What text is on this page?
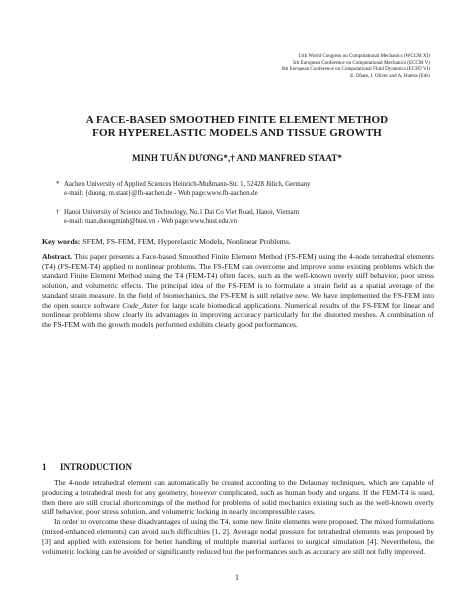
11th World Congress on Computational Mechanics (WCCM XI)
5th European Conference on Computational Mechanics (ECCM V)
6th European Conference on Computational Fluid Dynamics (ECFD VI)
E. Oñate, J. Oliver and A. Huerta (Eds)
A FACE-BASED SMOOTHED FINITE ELEMENT METHOD
FOR HYPERELASTIC MODELS AND TISSUE GROWTH
MINH TUẤN DƯƠNG*,† AND MANFRED STAAT*
* Aachen University of Applied Sciences Heinrich-Mußmann-Str. 1, 52428 Jülich, Germany
e-mail: {duong, m.staat}@fh-aachen.de - Web page:www.fh-aachen.de
† Hanoi University of Science and Technology, No.1 Dai Co Viet Road, Hanoi, Vietnam
e-mail: tuan.duongminh@hust.vn - Web page:www.hust.edu.vn
Key words: SFEM, FS-FEM, FEM, Hyperelastic Models, Nonlinear Problems.
Abstract. This paper presents a Face-based Smoothed Finite Element Method (FS-FEM) using the 4-node tetrahedral elements (T4) (FS-FEM-T4) applied to nonlinear problems. The FS-FEM can overcome and improve some existing problems which the standard Finite Element Method using the T4 (FEM-T4) often faces, such as the well-known overly stiff behavior, poor stress solution, and volumetric effects. The principal idea of the FS-FEM is to formulate a strain field as a spatial average of the standard strain measure. In the field of biomechanics, the FS-FEM is still relative new. We have implemented the FS-FEM into the open source software Code_Aster for large scale biomedical applications. Numerical results of the FS-FEM for linear and nonlinear problems show clearly its advantages in improving accuracy particularly for the distorted meshes. A combination of the FS-FEM with the growth models performed exhibits clearly good performances.
1 INTRODUCTION

The 4-node tetrahedral element can automatically be created according to the Delaunay techniques, which are capable of producing a tetrahedral mesh for any geometry, however complicated, such as human body and organs. If the FEM-T4 is used, then there are still crucial shortcomings of the method for problems of solid mechanics existing such as the well-known overly stiff behavior, poor stress solution, and volumetric locking in nearly incompressible cases.

In order to overcome these disadvantages of using the T4, some new finite elements were proposed. The mixed formulations (mixed-enhanced elements) can avoid such difficulties [1, 2]. Average nodal pressure for tetrahedral elements was proposed by [3] and applied with extensions for better handling of multiple material surfaces to surgical simulation [4]. Nevertheless, the volumetric locking can be avoided or significantly reduced but the performances such as accuracy are still not fully improved.

1
